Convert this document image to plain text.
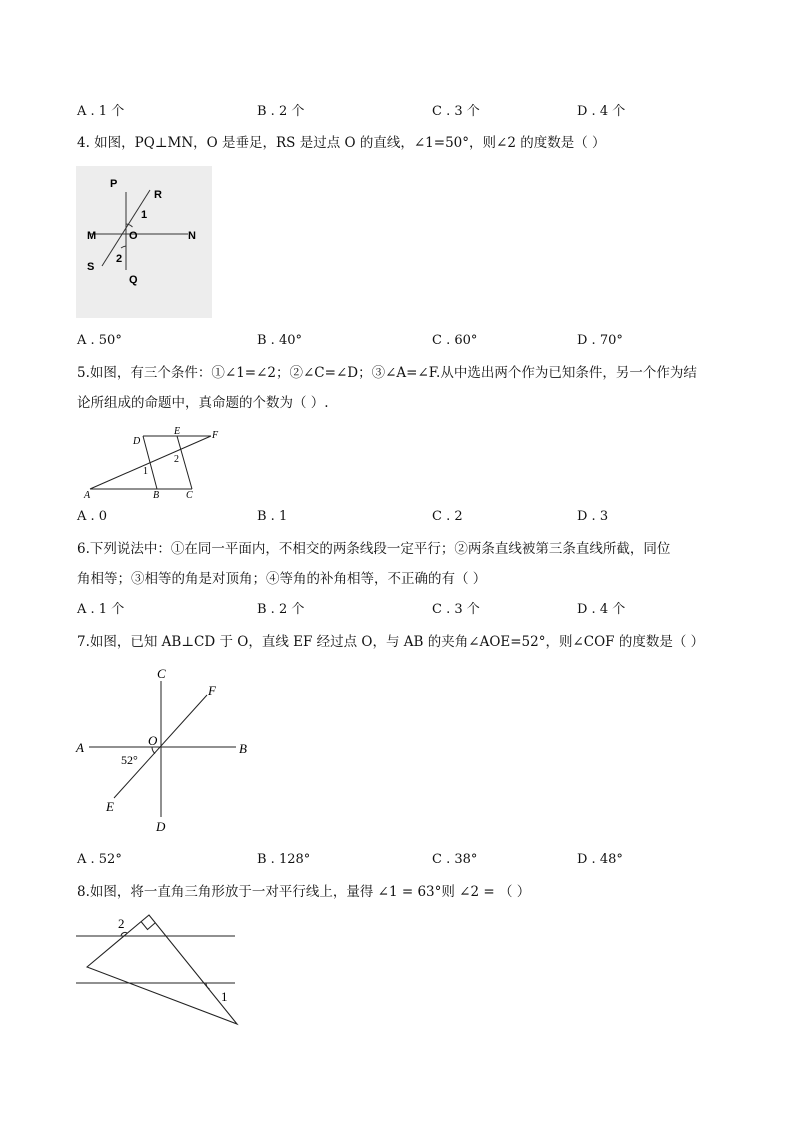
A . 1 个	B . 2 个	C . 3 个	D . 4 个
4. 如图，PQ⊥MN，O 是垂足，RS 是过点 O 的直线，∠1=50°，则∠2 的度数是（ ）
P
R
1
M	O	N
2
S
Q
A . 50°	B . 40°	C . 60°	D . 70°
5.如图，有三个条件：①∠1=∠2；②∠C=∠D；③∠A=∠F.从中选出两个作为已知条件，另一个作为结
论所组成的命题中，真命题的个数为（ ）.
D
E	F
1
2
A	B	C
A . 0	B . 1	C . 2	D . 3
6.下列说法中：①在同一平面内，不相交的两条线段一定平行；②两条直线被第三条直线所截，同位
角相等；③相等的角是对顶角；④等角的补角相等，不正确的有（ ）
A . 1 个	B . 2 个	C . 3 个	D . 4 个
7.如图，已知 AB⊥CD 于 O，直线 EF 经过点 O，与 AB 的夹角∠AOE=52°，则∠COF 的度数是（ ）
C
F
A	O
B
52°
E
D
A . 52°	B . 128°	C . 38°	D . 48°
8.如图，将一直角三角形放于一对平行线上，量得 ∠1 = 63°则 ∠2 = （ ）
2
1
